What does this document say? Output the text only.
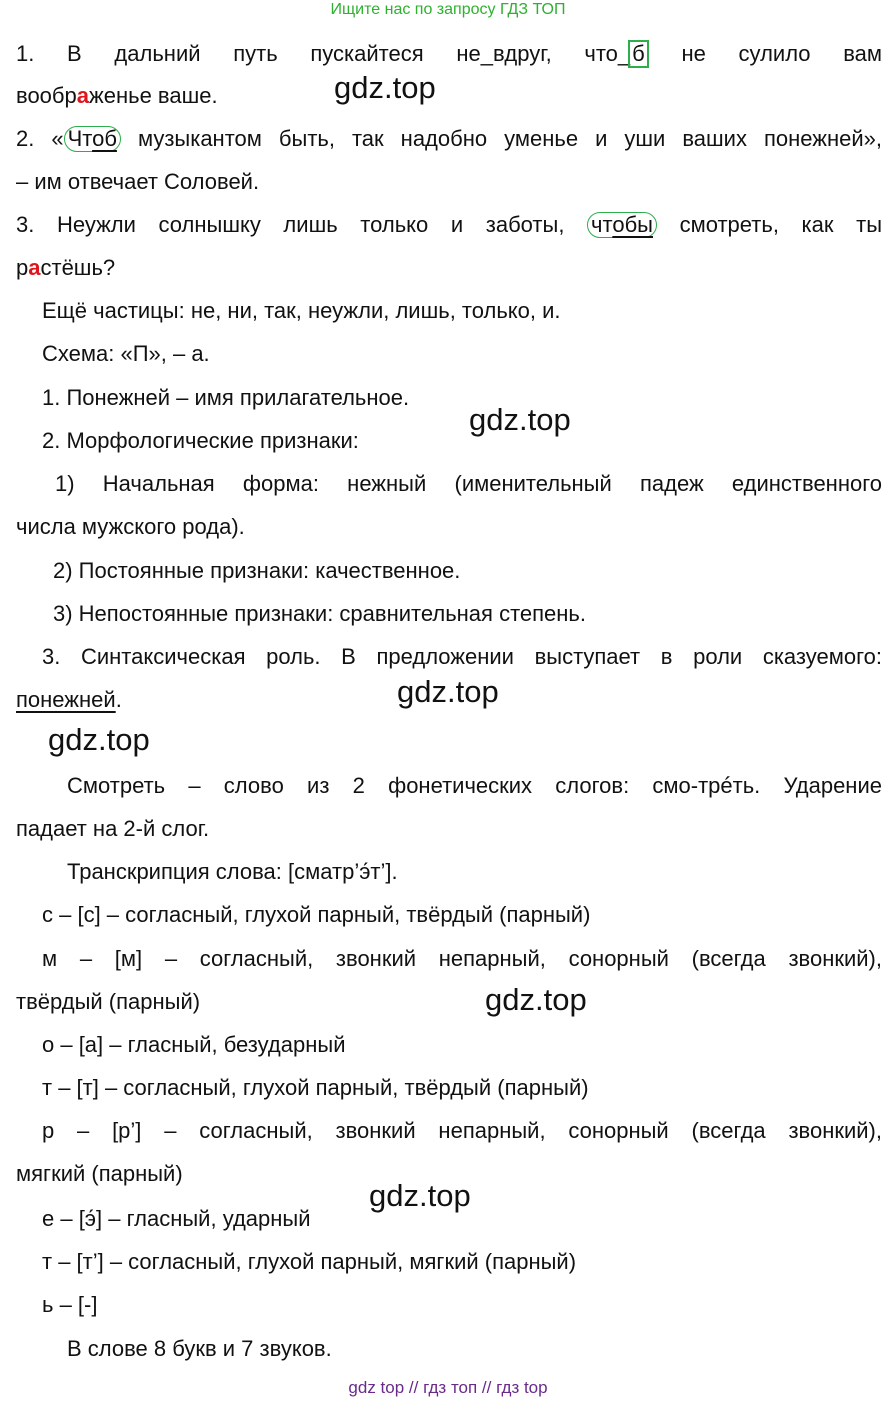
Ищите нас по запросу ГДЗ ТОП
1. В дальний путь пускайтеся не_вдруг, что_б не сулило вам
воображенье ваше.
2. « Чтоб музыкантом быть, так надобно уменье и уши ваших понежней»,
– им отвечает Соловей.
3. Неужли солнышку лишь только и заботы, чтобы смотреть, как ты
растёшь?
Ещё частицы: не, ни, так, неужли, лишь, только, и.
Схема: «П», – а.
1. Понежней – имя прилагательное.
2. Морфологические признаки:
1) Начальная форма: нежный (именительный падеж единственного
числа мужского рода).
2) Постоянные признаки: качественное.
3) Непостоянные признаки: сравнительная степень.
3. Синтаксическая роль. В предложении выступает в роли сказуемого:
понежней.
Смотреть – слово из 2 фонетических слогов: смо-трéть. Ударение
падает на 2-й слог.
Транскрипция слова: [сматр’э́т’].
с – [с] – согласный, глухой парный, твёрдый (парный)
м – [м] – согласный, звонкий непарный, сонорный (всегда звонкий),
твёрдый (парный)
о – [а] – гласный, безударный
т – [т] – согласный, глухой парный, твёрдый (парный)
р – [р’] – согласный, звонкий непарный, сонорный (всегда звонкий),
мягкий (парный)
е – [э́] – гласный, ударный
т – [т’] – согласный, глухой парный, мягкий (парный)
ь – [-]
В слове 8 букв и 7 звуков.
gdz.top
gdz.top
gdz.top
gdz.top
gdz.top
gdz.top
gdz top // гдз топ // гдз top
